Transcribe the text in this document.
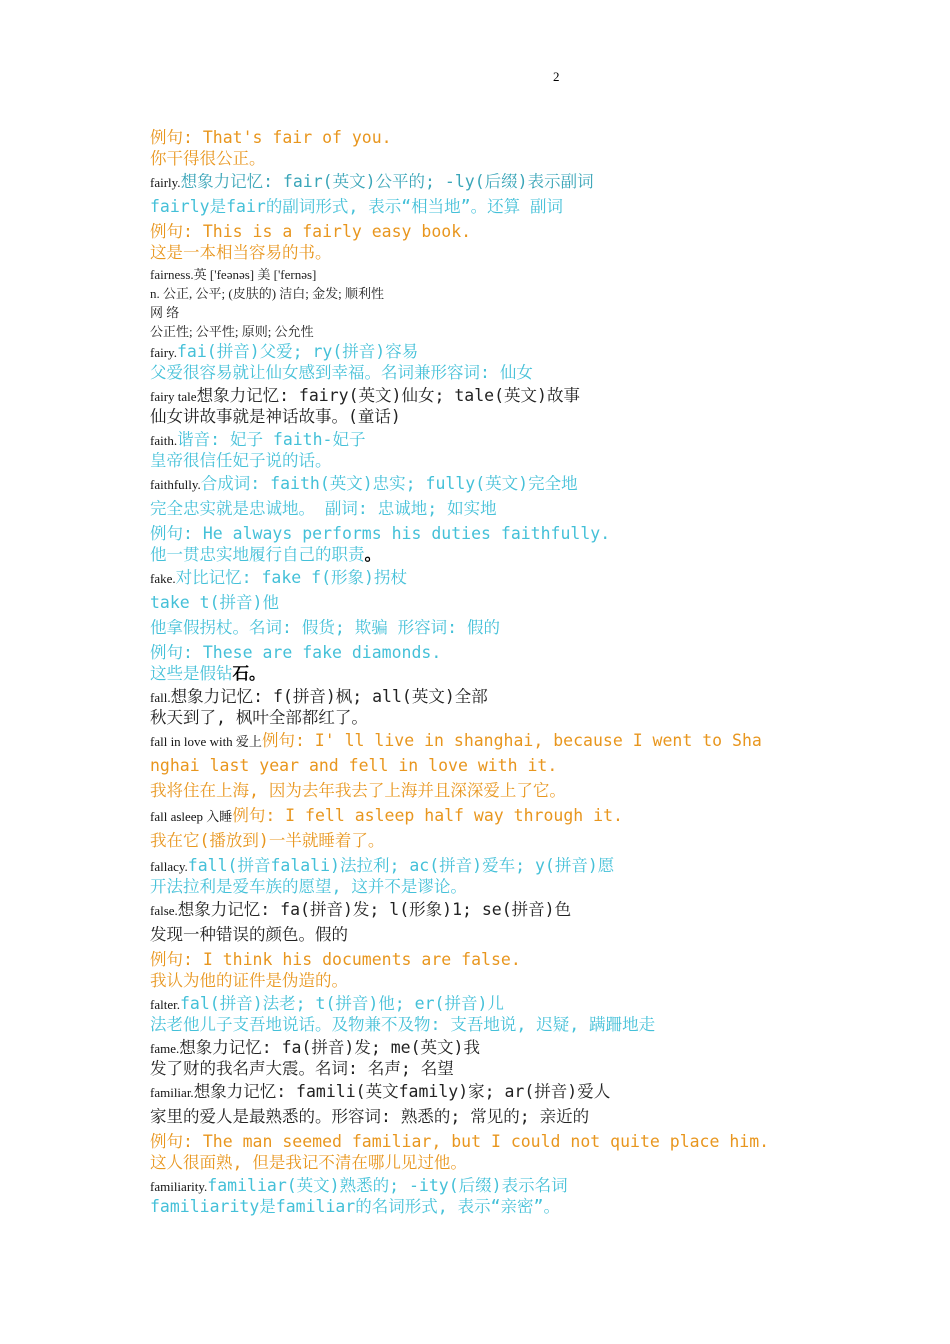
2
例句: That's fair of you.
你干得很公正。
fairly.想象力记忆: fair(英文)公平的; -ly(后缀)表示副词
fairly是fair的副词形式, 表示“相当地”。还算 副词
例句: This is a fairly easy book.
这是一本相当容易的书。
fairness.英 ['feənəs] 美 ['fernəs]
n. 公正, 公平; (皮肤的) 洁白; 金发; 顺利性
网 络
公正性; 公平性; 原则; 公允性
fairy.fai(拼音)父爱; ry(拼音)容易
父爱很容易就让仙女感到幸福。名词兼形容词: 仙女
fairy tale想象力记忆: fairy(英文)仙女; tale(英文)故事
仙女讲故事就是神话故事。(童话)
faith.谐音: 妃子 faith-妃子
皇帝很信任妃子说的话。
faithfully.合成词: faith(英文)忠实; fully(英文)完全地
完全忠实就是忠诚地。 副词: 忠诚地; 如实地
例句: He always performs his duties faithfully.
他一贯忠实地履行自己的职责。
fake.对比记忆: fake f(形象)拐杖
take t(拼音)他
他拿假拐杖。名词: 假货; 欺骗 形容词: 假的
例句: These are fake diamonds.
这些是假钻石。
fall.想象力记忆: f(拼音)枫; all(英文)全部
秋天到了, 枫叶全部都红了。
fall in love with 爱上例句: I' ll live in shanghai, because I went to Sha
nghai last year and fell in love with it.
我将住在上海, 因为去年我去了上海并且深深爱上了它。
fall asleep 入睡例句: I fell asleep half way through it.
我在它(播放到)一半就睡着了。
fallacy.fall(拼音falali)法拉利; ac(拼音)爱车; y(拼音)愿
开法拉利是爱车族的愿望, 这并不是谬论。
false.想象力记忆: fa(拼音)发; l(形象)1; se(拼音)色
发现一种错误的颜色。假的
例句: I think his documents are false.
我认为他的证件是伪造的。
falter.fal(拼音)法老; t(拼音)他; er(拼音)儿
法老他儿子支吾地说话。及物兼不及物: 支吾地说, 迟疑, 蹒跚地走
fame.想象力记忆: fa(拼音)发; me(英文)我
发了财的我名声大震。名词: 名声; 名望
familiar.想象力记忆: famili(英文family)家; ar(拼音)爱人
家里的爱人是最熟悉的。形容词: 熟悉的; 常见的; 亲近的
例句: The man seemed familiar, but I could not quite place him.
这人很面熟, 但是我记不清在哪儿见过他。
familiarity.familiar(英文)熟悉的; -ity(后缀)表示名词
familiarity是familiar的名词形式, 表示“亲密”。
